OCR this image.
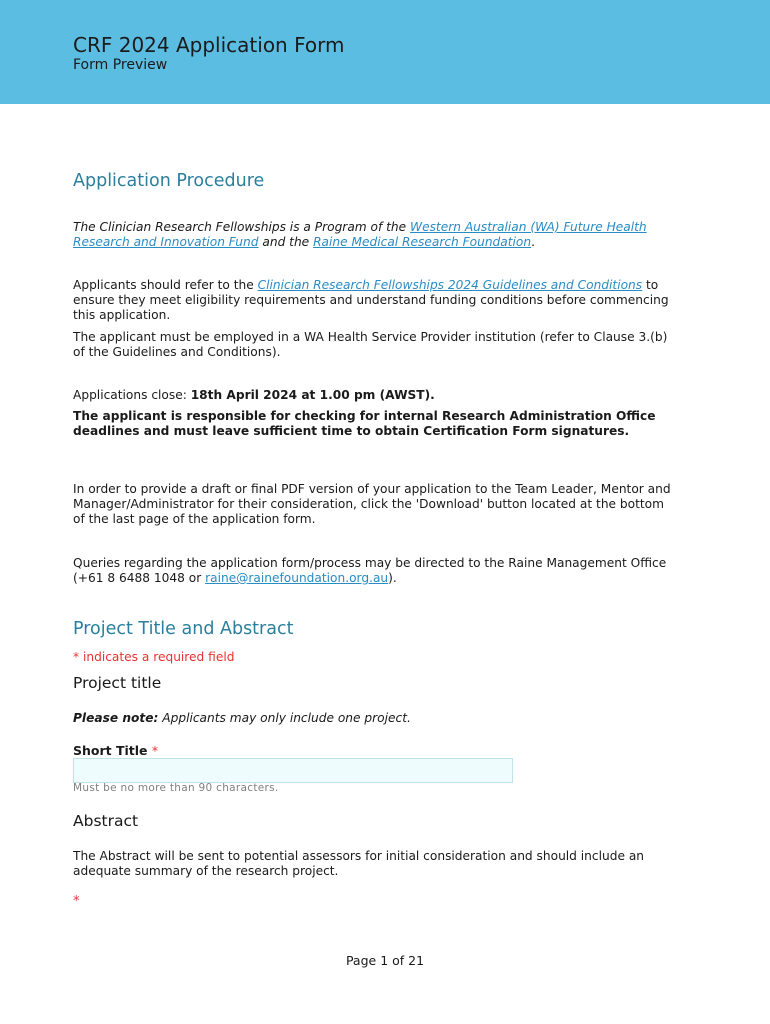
CRF 2024 Application Form
Form Preview
Application Procedure
The Clinician Research Fellowships is a Program of the Western Australian (WA) Future Health Research and Innovation Fund and the Raine Medical Research Foundation.
Applicants should refer to the Clinician Research Fellowships 2024 Guidelines and Conditions to ensure they meet eligibility requirements and understand funding conditions before commencing this application.
The applicant must be employed in a WA Health Service Provider institution (refer to Clause 3.(b) of the Guidelines and Conditions).
Applications close: 18th April 2024 at 1.00 pm (AWST).
The applicant is responsible for checking for internal Research Administration Office deadlines and must leave sufficient time to obtain Certification Form signatures.
In order to provide a draft or final PDF version of your application to the Team Leader, Mentor and Manager/Administrator for their consideration, click the 'Download' button located at the bottom of the last page of the application form.
Queries regarding the application form/process may be directed to the Raine Management Office (+61 8 6488 1048 or raine@rainefoundation.org.au).
Project Title and Abstract
* indicates a required field
Project title
Please note: Applicants may only include one project.
Short Title *
Must be no more than 90 characters.
Abstract
The Abstract will be sent to potential assessors for initial consideration and should include an adequate summary of the research project.
*
Page 1 of 21
